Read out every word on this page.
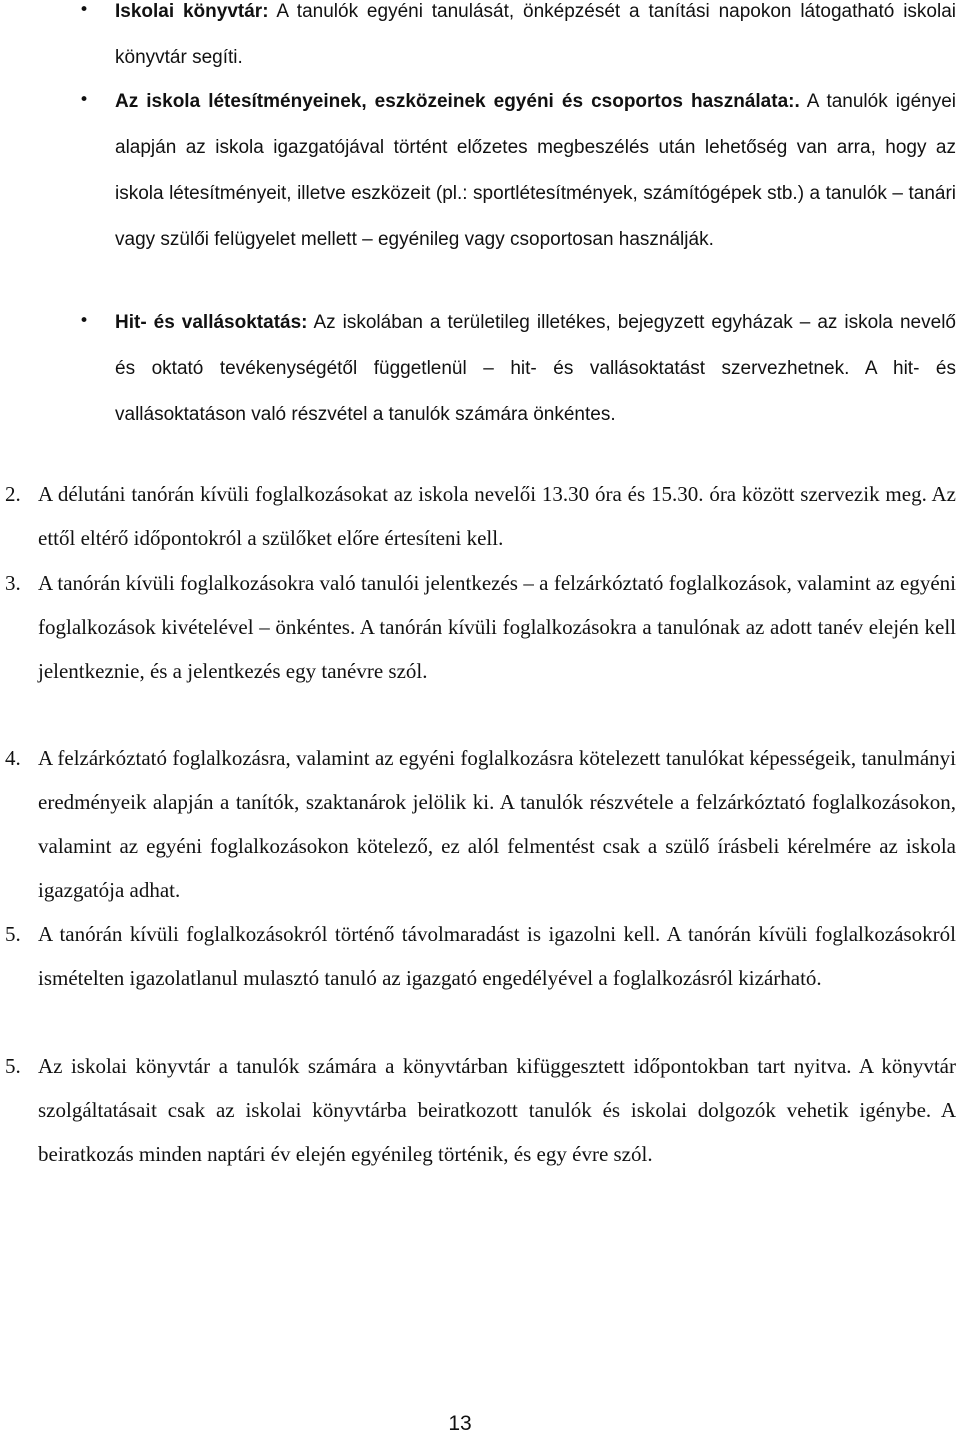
• Iskolai könyvtár: A tanulók egyéni tanulását, önképzését a tanítási napokon látogatható iskolai könyvtár segíti.
• Az iskola létesítményeinek, eszközeinek egyéni és csoportos használata:. A tanulók igényei alapján az iskola igazgatójával történt előzetes megbeszélés után lehetőség van arra, hogy az iskola létesítményeit, illetve eszközeit (pl.: sportlétesítmények, számítógépek stb.) a tanulók – tanári vagy szülői felügyelet mellett – egyénileg vagy csoportosan használják.
• Hit- és vallásoktatás: Az iskolában a területileg illetékes, bejegyzett egyházak – az iskola nevelő és oktató tevékenységétől függetlenül – hit- és vallásoktatást szervezhetnek. A hit- és vallásoktatáson való részvétel a tanulók számára önkéntes.
2. A délutáni tanórán kívüli foglalkozásokat az iskola nevelői 13.30 óra és 15.30. óra között szervezik meg. Az ettől eltérő időpontokról a szülőket előre értesíteni kell.
3. A tanórán kívüli foglalkozásokra való tanulói jelentkezés – a felzárkóztató foglalkozások, valamint az egyéni foglalkozások kivételével – önkéntes. A tanórán kívüli foglalkozásokra a tanulónak az adott tanév elején kell jelentkeznie, és a jelentkezés egy tanévre szól.
4. A felzárkóztató foglalkozásra, valamint az egyéni foglalkozásra kötelezett tanulókat képességeik, tanulmányi eredményeik alapján a tanítók, szaktanárok jelölik ki. A tanulók részvétele a felzárkóztató foglalkozásokon, valamint az egyéni foglalkozásokon kötelező, ez alól felmentést csak a szülő írásbeli kérelmére az iskola igazgatója adhat.
5. A tanórán kívüli foglalkozásokról történő távolmaradást is igazolni kell. A tanórán kívüli foglalkozásokról ismételten igazolatlanul mulasztó tanuló az igazgató engedélyével a foglalkozásról kizárható.
5. Az iskolai könyvtár a tanulók számára a könyvtárban kifüggesztett időpontokban tart nyitva. A könyvtár szolgáltatásait csak az iskolai könyvtárba beiratkozott tanulók és iskolai dolgozók vehetik igénybe. A beiratkozás minden naptári év elején egyénileg történik, és egy évre szól.
13
